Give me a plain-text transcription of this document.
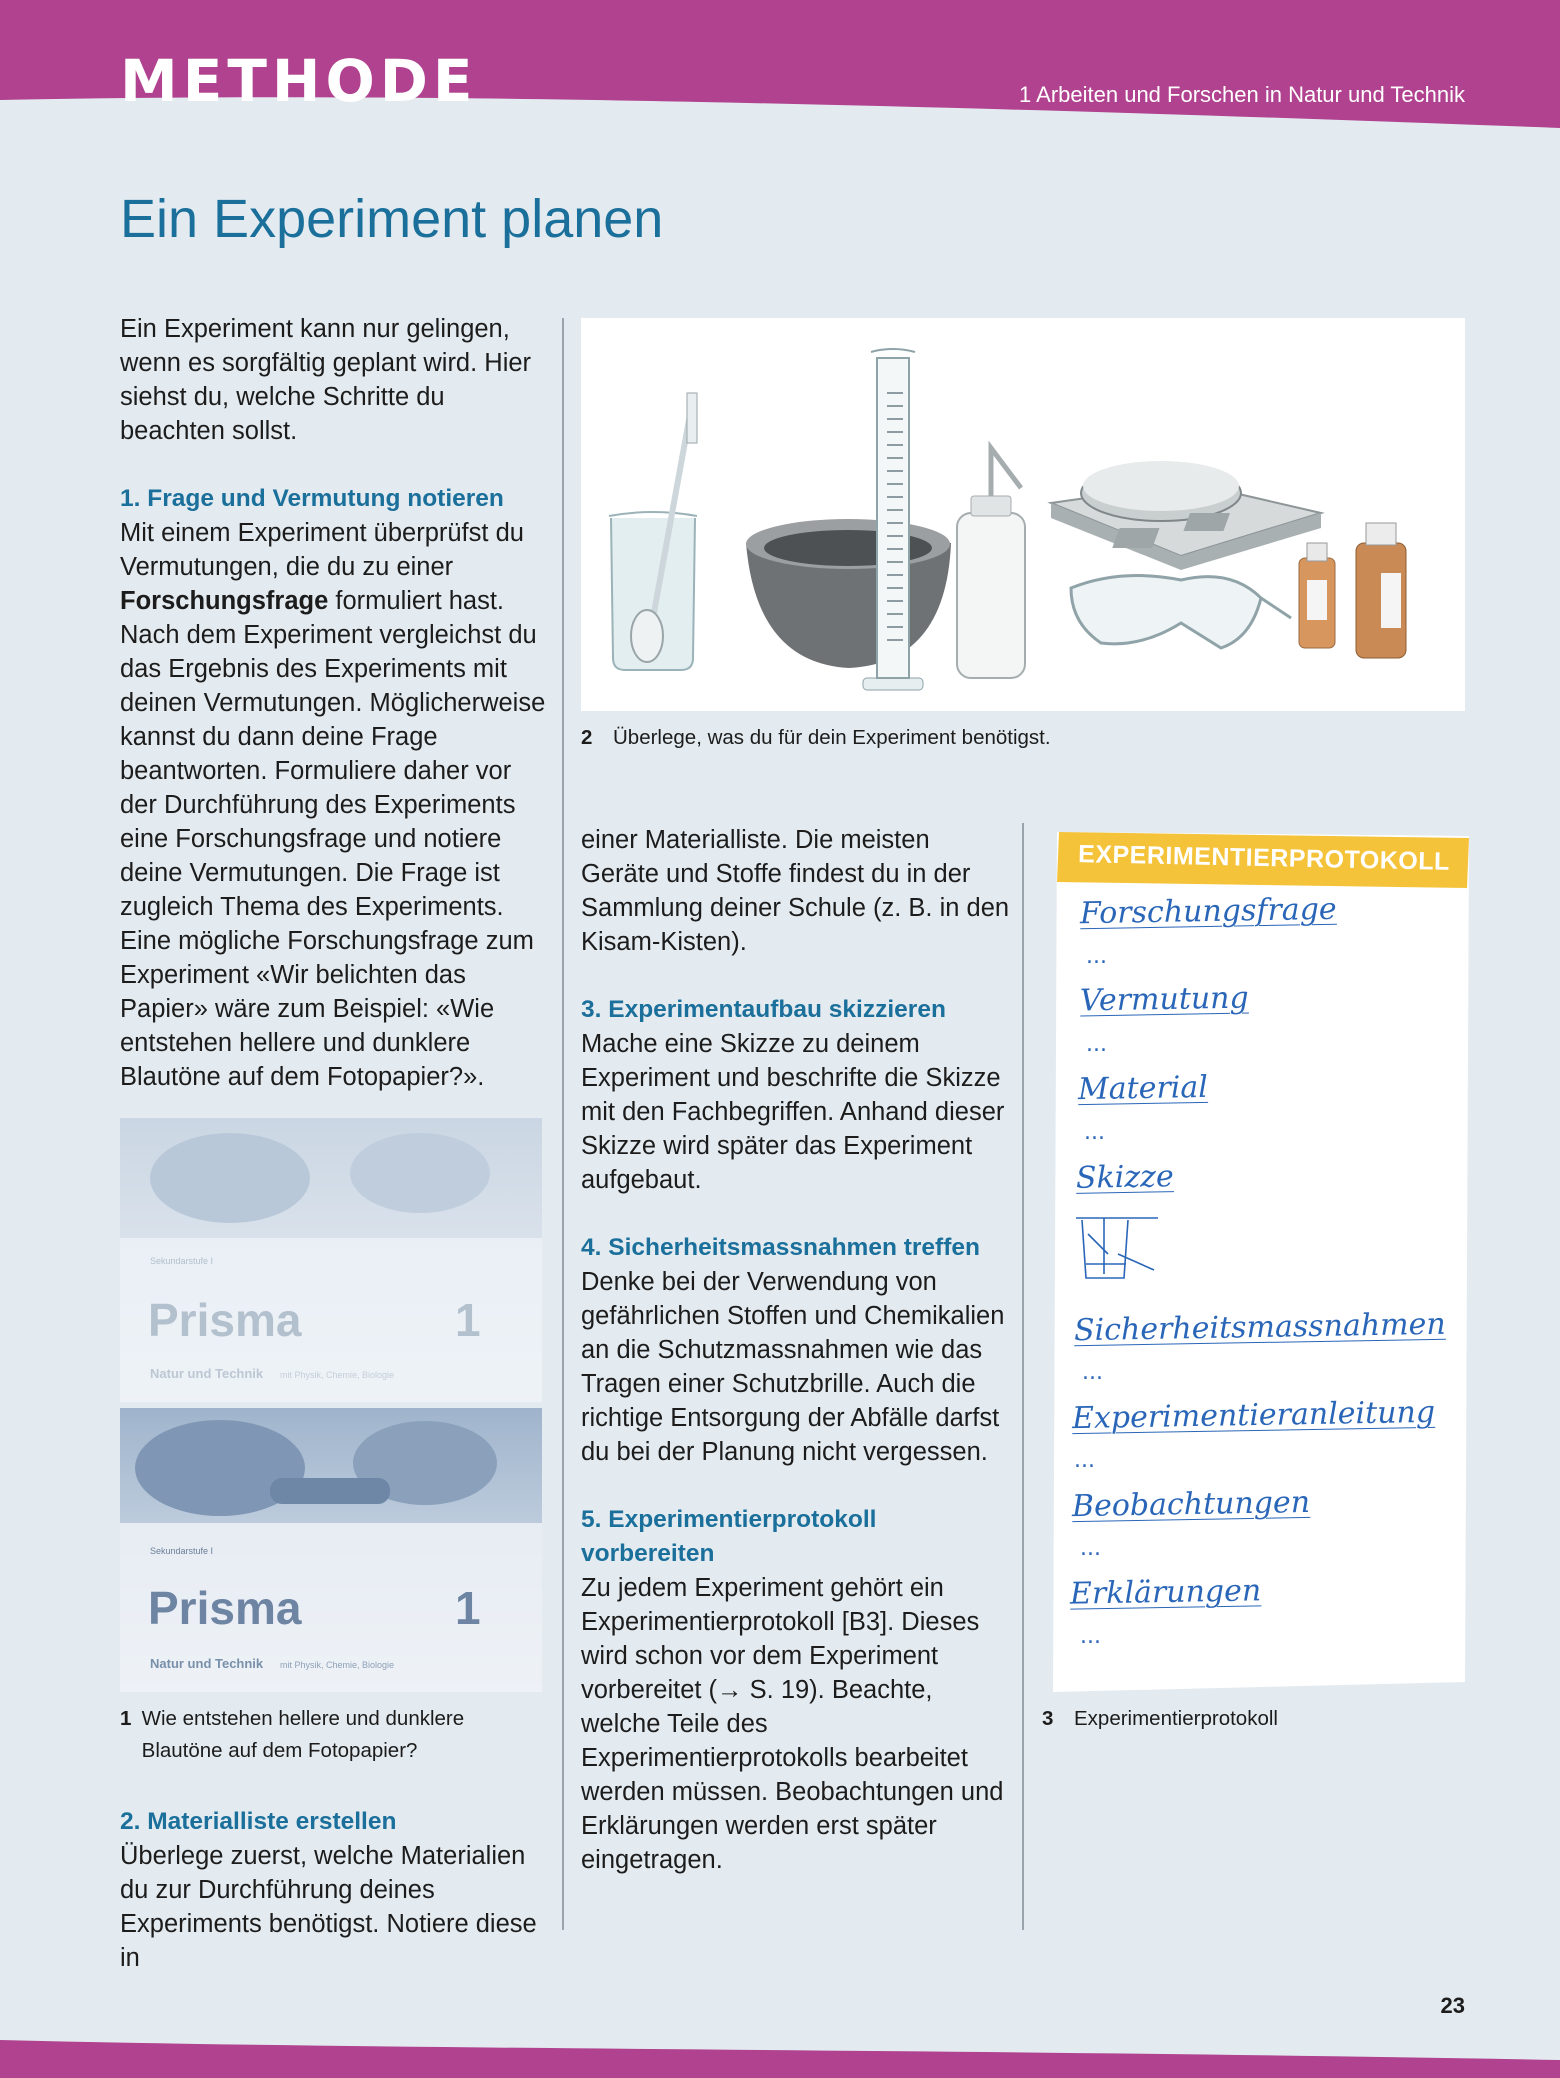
METHODE	1 Arbeiten und Forschen in Natur und Technik
Ein Experiment planen

Ein Experiment kann nur gelingen, wenn es sorgfältig geplant wird. Hier siehst du, welche Schritte du beachten sollst.

1. Frage und Vermutung notieren

Mit einem Experiment überprüfst du Vermutungen, die du zu einer Forschungsfrage formuliert hast. Nach dem Experiment vergleichst du das Ergebnis des Experiments mit deinen Vermutungen. Möglicherweise kannst du dann deine Frage beantworten. Formuliere daher vor der Durchführung des Experiments eine Forschungsfrage und notiere deine Vermutungen. Die Frage ist zugleich Thema des Experiments. Eine mögliche Forschungsfrage zum Experiment «Wir belichten das Papier» wäre zum Beispiel: «Wie entstehen hellere und dunklere Blautöne auf dem Fotopapier?».

Sekundarstufe I
Prisma	1
Natur und Technik mit Physik, Chemie, Biologie
Sekundarstufe I
Prisma	1
Natur und Technik mit Physik, Chemie, Biologie
1 Wie entstehen hellere und dunklere Blautöne auf dem Fotopapier?
2. Materialliste erstellen

Überlege zuerst, welche Materialien du zur Durchführung deines Experiments benötigst. Notiere diese in

2 Überlege, was du für dein Experiment benötigst.

einer Materialliste. Die meisten Geräte und Stoffe findest du in der Sammlung deiner Schule (z. B. in den Kisam-Kisten).

3. Experimentaufbau skizzieren

Mache eine Skizze zu deinem Experiment und beschrifte die Skizze mit den Fachbegriffen. Anhand dieser Skizze wird später das Experiment aufgebaut.

4. Sicherheitsmassnahmen treffen

Denke bei der Verwendung von gefährlichen Stoffen und Chemikalien an die Schutzmassnahmen wie das Tragen einer Schutzbrille. Auch die richtige Entsorgung der Abfälle darfst du bei der Planung nicht vergessen.

5. Experimentierprotokoll vorbereiten

Zu jedem Experiment gehört ein Experimentierprotokoll [B3]. Dieses wird schon vor dem Experiment vorbereitet (→ S. 19). Beachte, welche Teile des Experimentierprotokolls bearbeitet werden müssen. Beobachtungen und Erklärungen werden erst später eingetragen.

EXPERIMENTIERPROTOKOLL
Forschungsfrage
...
Vermutung
...
Material
...
Skizze
Sicherheitsmassnahmen
...
Experimentieranleitung
...
Beobachtungen
...
Erklärungen
...
3 Experimentierprotokoll
23
